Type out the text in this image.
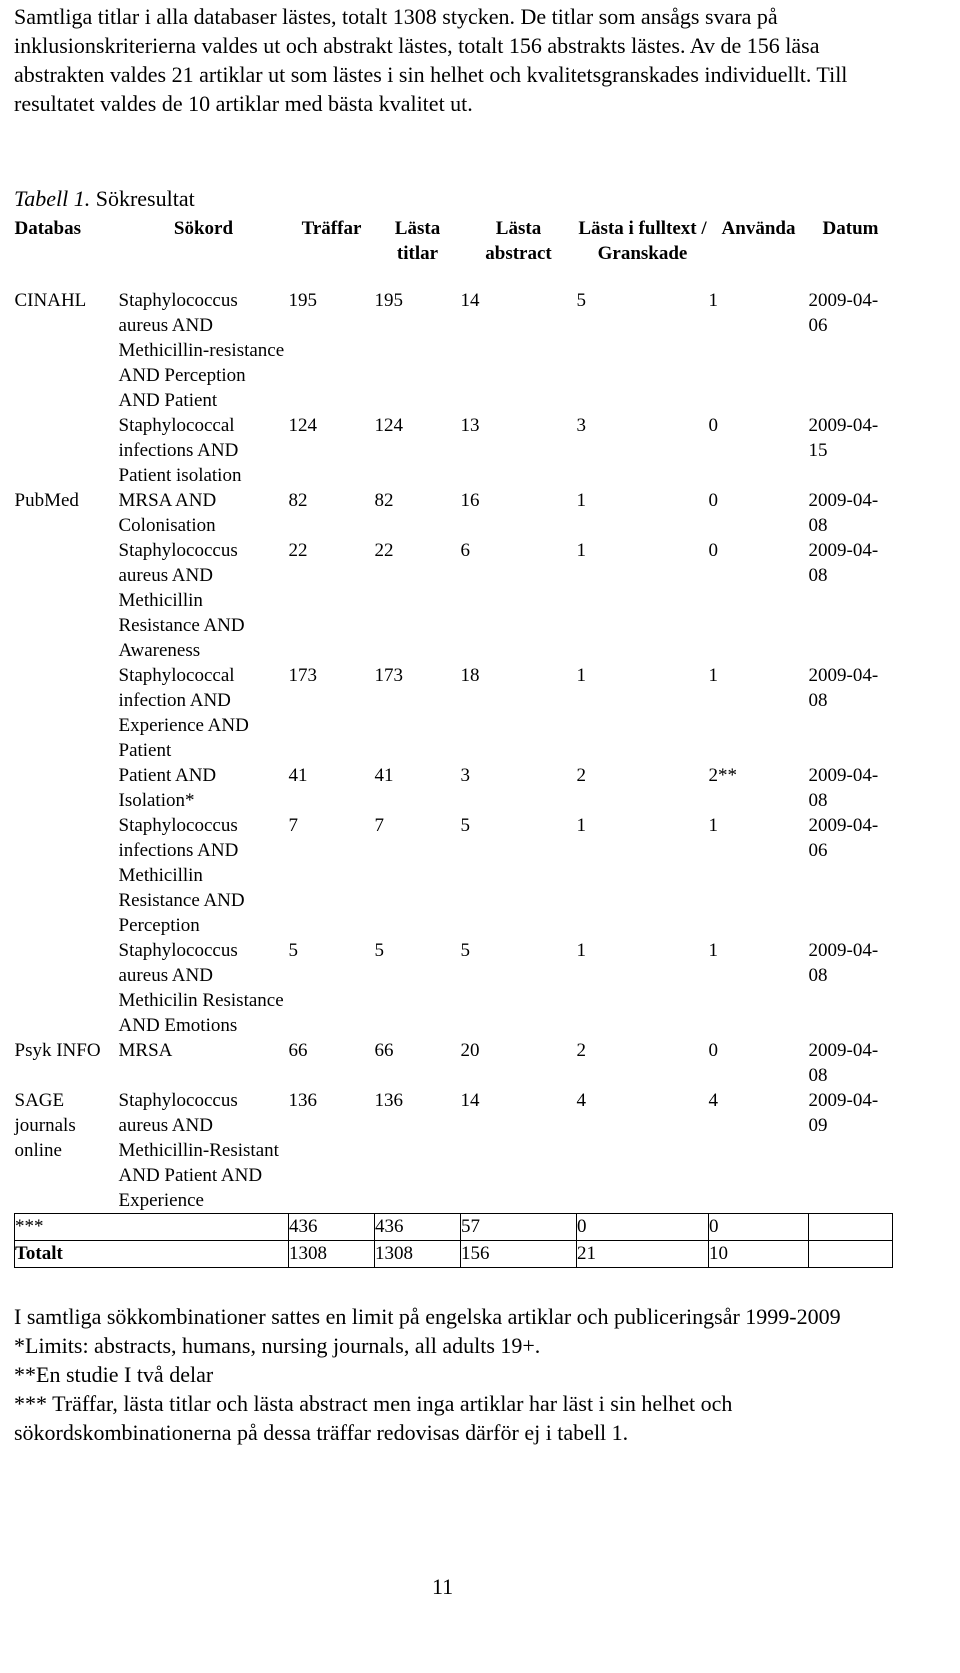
Samtliga titlar i alla databaser lästes, totalt 1308 stycken. De titlar som ansågs svara på inklusionskriterierna valdes ut och abstrakt lästes, totalt 156 abstrakts lästes. Av de 156 läsa abstrakten valdes 21 artiklar ut som lästes i sin helhet och kvalitetsgranskades individuellt. Till resultatet valdes de 10 artiklar med bästa kvalitet ut.

Tabell 1. Sökresultat

Databas	Sökord	Träffar	Lästa titlar	Lästa abstract	Lästa i fulltext / Granskade	Använda	Datum
CINAHL	Staphylococcus aureus AND Methicillin-resistance AND Perception AND Patient	195	195	14	5	1	2009-04-06
	Staphylococcal infections AND Patient isolation	124	124	13	3	0	2009-04-15
PubMed	MRSA AND Colonisation	82	82	16	1	0	2009-04-08
	Staphylococcus aureus AND Methicillin Resistance AND Awareness	22	22	6	1	0	2009-04-08
	Staphylococcal infection AND Experience AND Patient	173	173	18	1	1	2009-04-08
	Patient AND Isolation*	41	41	3	2	2**	2009-04-08
	Staphylococcus infections AND Methicillin Resistance AND Perception	7	7	5	1	1	2009-04-06
	Staphylococcus aureus AND Methicilin Resistance AND Emotions	5	5	5	1	1	2009-04-08
Psyk INFO	MRSA	66	66	20	2	0	2009-04-08
SAGE journals online	Staphylococcus aureus AND Methicillin-Resistant AND Patient AND Experience	136	136	14	4	4	2009-04-09
***		436	436	57	0	0	
Totalt		1308	1308	156	21	10	

I samtliga sökkombinationer sattes en limit på engelska artiklar och publiceringsår 1999-2009

*Limits: abstracts, humans, nursing journals, all adults 19+.

**En studie I två delar

*** Träffar, lästa titlar och lästa abstract men inga artiklar har läst i sin helhet och sökordskombinationerna på dessa träffar redovisas därför ej i tabell 1.

11
